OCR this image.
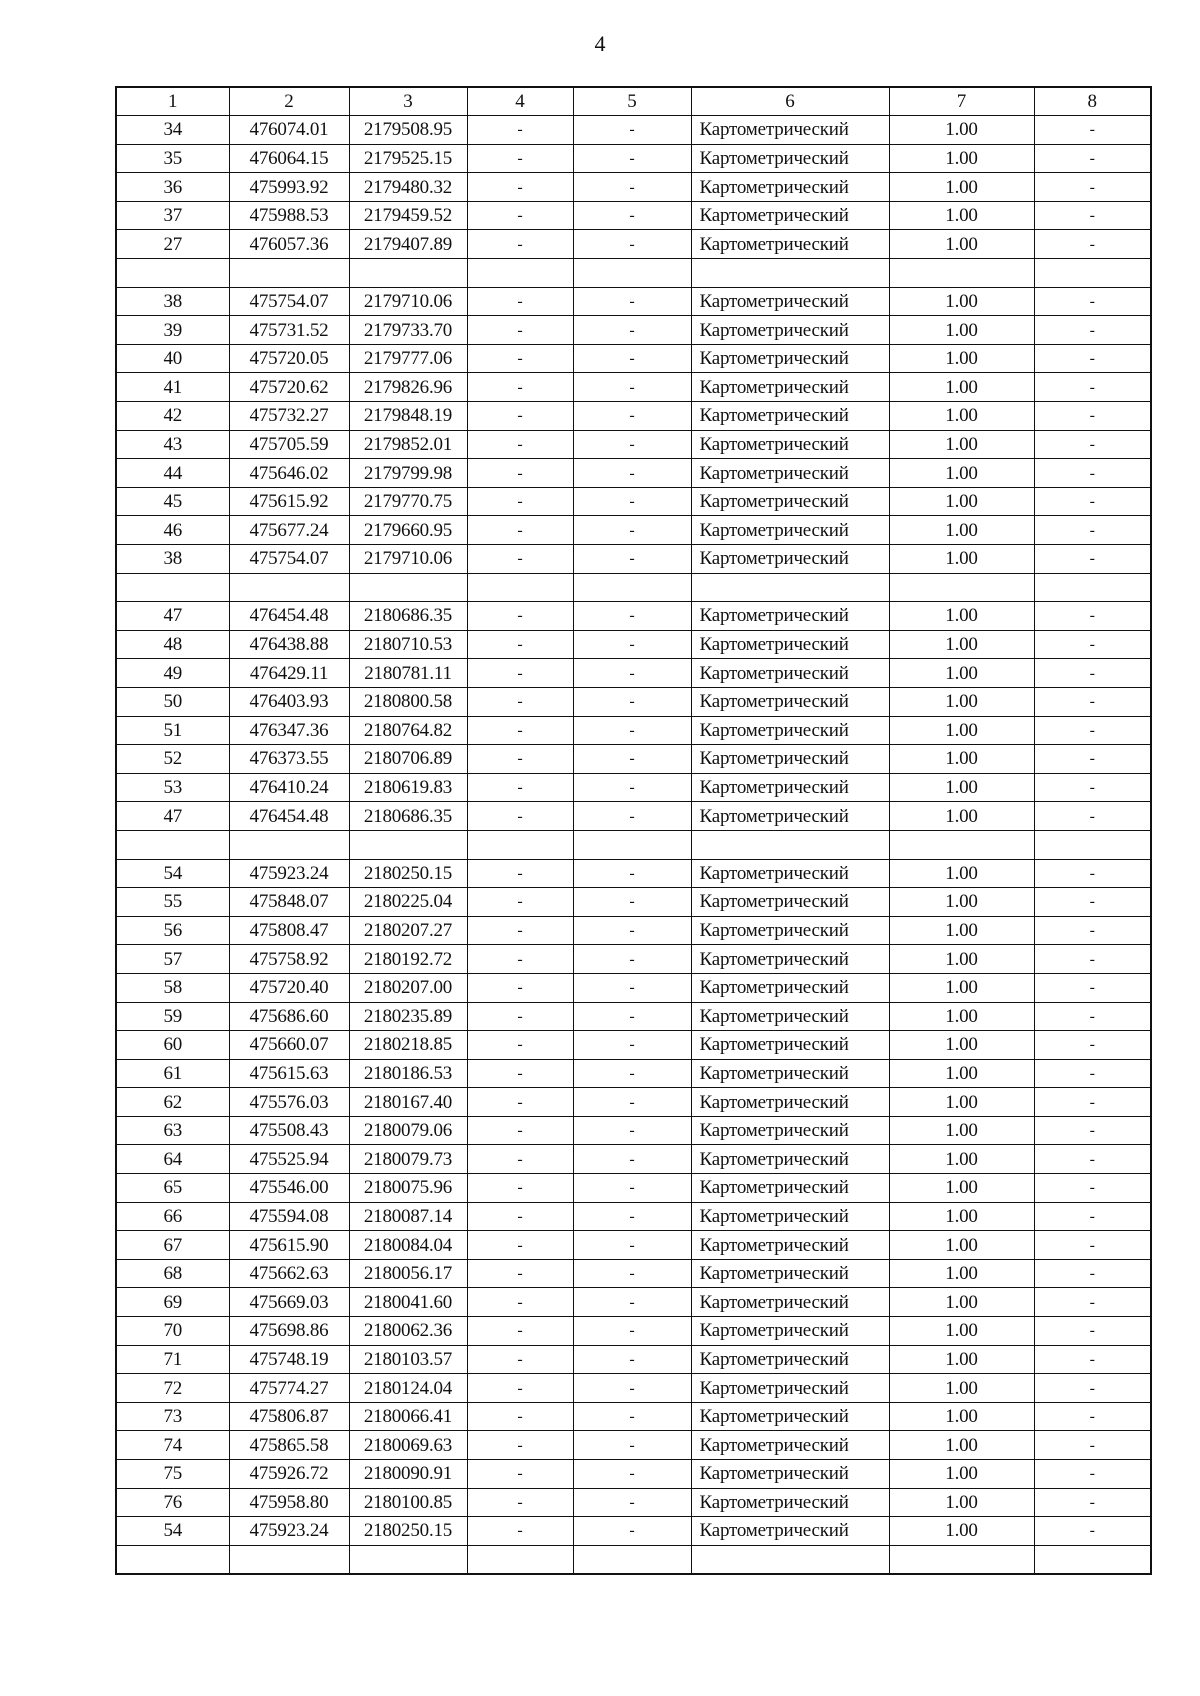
4
1	2	3	4	5	6	7	8
34	476074.01	2179508.95	-	-	Картометрический	1.00	-
35	476064.15	2179525.15	-	-	Картометрический	1.00	-
36	475993.92	2179480.32	-	-	Картометрический	1.00	-
37	475988.53	2179459.52	-	-	Картометрический	1.00	-
27	476057.36	2179407.89	-	-	Картометрический	1.00	-

38	475754.07	2179710.06	-	-	Картометрический	1.00	-
39	475731.52	2179733.70	-	-	Картометрический	1.00	-
40	475720.05	2179777.06	-	-	Картометрический	1.00	-
41	475720.62	2179826.96	-	-	Картометрический	1.00	-
42	475732.27	2179848.19	-	-	Картометрический	1.00	-
43	475705.59	2179852.01	-	-	Картометрический	1.00	-
44	475646.02	2179799.98	-	-	Картометрический	1.00	-
45	475615.92	2179770.75	-	-	Картометрический	1.00	-
46	475677.24	2179660.95	-	-	Картометрический	1.00	-
38	475754.07	2179710.06	-	-	Картометрический	1.00	-

47	476454.48	2180686.35	-	-	Картометрический	1.00	-
48	476438.88	2180710.53	-	-	Картометрический	1.00	-
49	476429.11	2180781.11	-	-	Картометрический	1.00	-
50	476403.93	2180800.58	-	-	Картометрический	1.00	-
51	476347.36	2180764.82	-	-	Картометрический	1.00	-
52	476373.55	2180706.89	-	-	Картометрический	1.00	-
53	476410.24	2180619.83	-	-	Картометрический	1.00	-
47	476454.48	2180686.35	-	-	Картометрический	1.00	-

54	475923.24	2180250.15	-	-	Картометрический	1.00	-
55	475848.07	2180225.04	-	-	Картометрический	1.00	-
56	475808.47	2180207.27	-	-	Картометрический	1.00	-
57	475758.92	2180192.72	-	-	Картометрический	1.00	-
58	475720.40	2180207.00	-	-	Картометрический	1.00	-
59	475686.60	2180235.89	-	-	Картометрический	1.00	-
60	475660.07	2180218.85	-	-	Картометрический	1.00	-
61	475615.63	2180186.53	-	-	Картометрический	1.00	-
62	475576.03	2180167.40	-	-	Картометрический	1.00	-
63	475508.43	2180079.06	-	-	Картометрический	1.00	-
64	475525.94	2180079.73	-	-	Картометрический	1.00	-
65	475546.00	2180075.96	-	-	Картометрический	1.00	-
66	475594.08	2180087.14	-	-	Картометрический	1.00	-
67	475615.90	2180084.04	-	-	Картометрический	1.00	-
68	475662.63	2180056.17	-	-	Картометрический	1.00	-
69	475669.03	2180041.60	-	-	Картометрический	1.00	-
70	475698.86	2180062.36	-	-	Картометрический	1.00	-
71	475748.19	2180103.57	-	-	Картометрический	1.00	-
72	475774.27	2180124.04	-	-	Картометрический	1.00	-
73	475806.87	2180066.41	-	-	Картометрический	1.00	-
74	475865.58	2180069.63	-	-	Картометрический	1.00	-
75	475926.72	2180090.91	-	-	Картометрический	1.00	-
76	475958.80	2180100.85	-	-	Картометрический	1.00	-
54	475923.24	2180250.15	-	-	Картометрический	1.00	-
